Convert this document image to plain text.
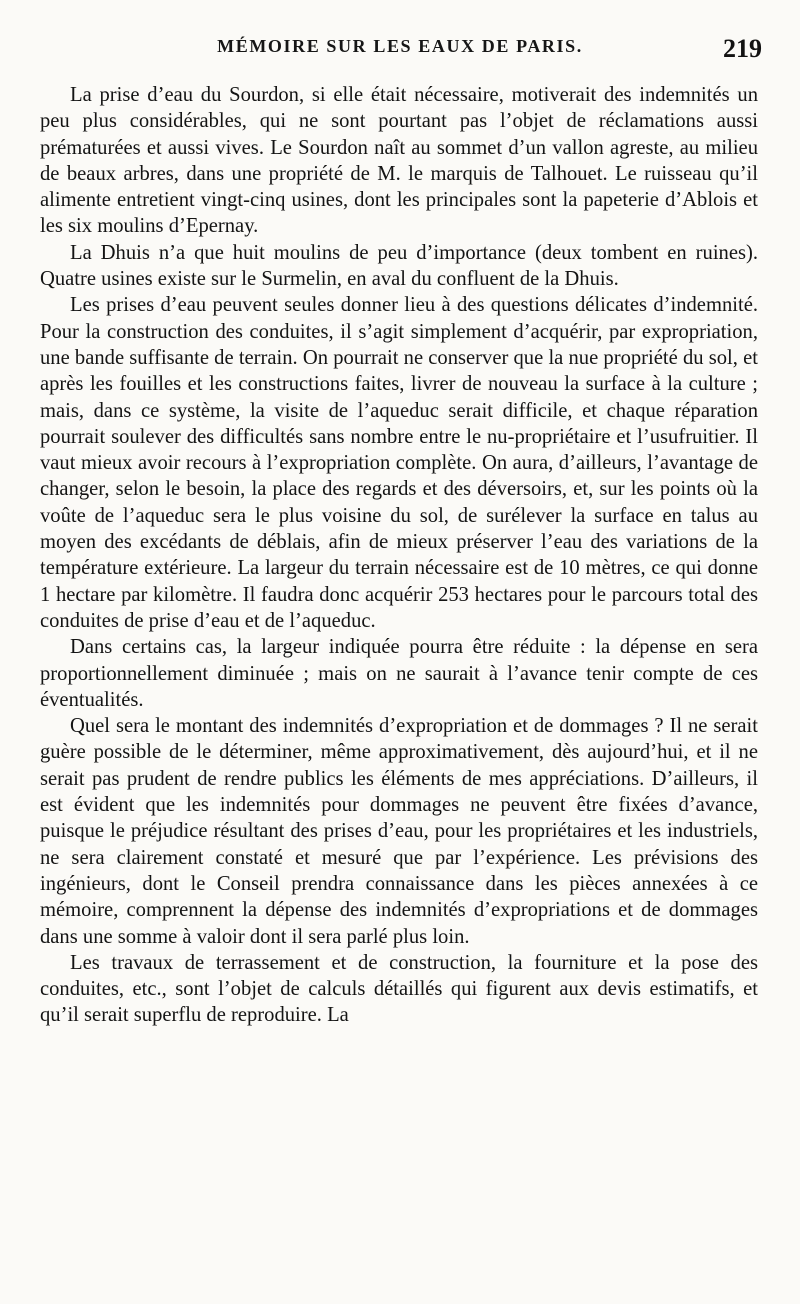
MÉMOIRE SUR LES EAUX DE PARIS.	219

La prise d’eau du Sourdon, si elle était nécessaire, motiverait des indemnités un peu plus considérables, qui ne sont pourtant pas l’objet de réclamations aussi prématurées et aussi vives. Le Sourdon naît au sommet d’un vallon agreste, au milieu de beaux arbres, dans une propriété de M. le marquis de Talhouet. Le ruisseau qu’il alimente entretient vingt-cinq usines, dont les principales sont la papeterie d’Ablois et les six moulins d’Epernay.

La Dhuis n’a que huit moulins de peu d’importance (deux tombent en ruines). Quatre usines existe sur le Surmelin, en aval du confluent de la Dhuis.

Les prises d’eau peuvent seules donner lieu à des questions délicates d’indemnité. Pour la construction des conduites, il s’agit simplement d’acquérir, par expropriation, une bande suffisante de terrain. On pourrait ne conserver que la nue propriété du sol, et après les fouilles et les constructions faites, livrer de nouveau la surface à la culture ; mais, dans ce système, la visite de l’aqueduc serait difficile, et chaque réparation pourrait soulever des difficultés sans nombre entre le nu-propriétaire et l’usufruitier. Il vaut mieux avoir recours à l’expropriation complète. On aura, d’ailleurs, l’avantage de changer, selon le besoin, la place des regards et des déversoirs, et, sur les points où la voûte de l’aqueduc sera le plus voisine du sol, de surélever la surface en talus au moyen des excédants de déblais, afin de mieux préserver l’eau des variations de la température extérieure. La largeur du terrain nécessaire est de 10 mètres, ce qui donne 1 hectare par kilomètre. Il faudra donc acquérir 253 hectares pour le parcours total des conduites de prise d’eau et de l’aqueduc.

Dans certains cas, la largeur indiquée pourra être réduite : la dépense en sera proportionnellement diminuée ; mais on ne saurait à l’avance tenir compte de ces éventualités.

Quel sera le montant des indemnités d’expropriation et de dommages ? Il ne serait guère possible de le déterminer, même approximativement, dès aujourd’hui, et il ne serait pas prudent de rendre publics les éléments de mes appréciations. D’ailleurs, il est évident que les indemnités pour dommages ne peuvent être fixées d’avance, puisque le préjudice résultant des prises d’eau, pour les propriétaires et les industriels, ne sera clairement constaté et mesuré que par l’expérience. Les prévisions des ingénieurs, dont le Conseil prendra connaissance dans les pièces annexées à ce mémoire, comprennent la dépense des indemnités d’expropriations et de dommages dans une somme à valoir dont il sera parlé plus loin.

Les travaux de terrassement et de construction, la fourniture et la pose des conduites, etc., sont l’objet de calculs détaillés qui figurent aux devis estimatifs, et qu’il serait superflu de reproduire. La
